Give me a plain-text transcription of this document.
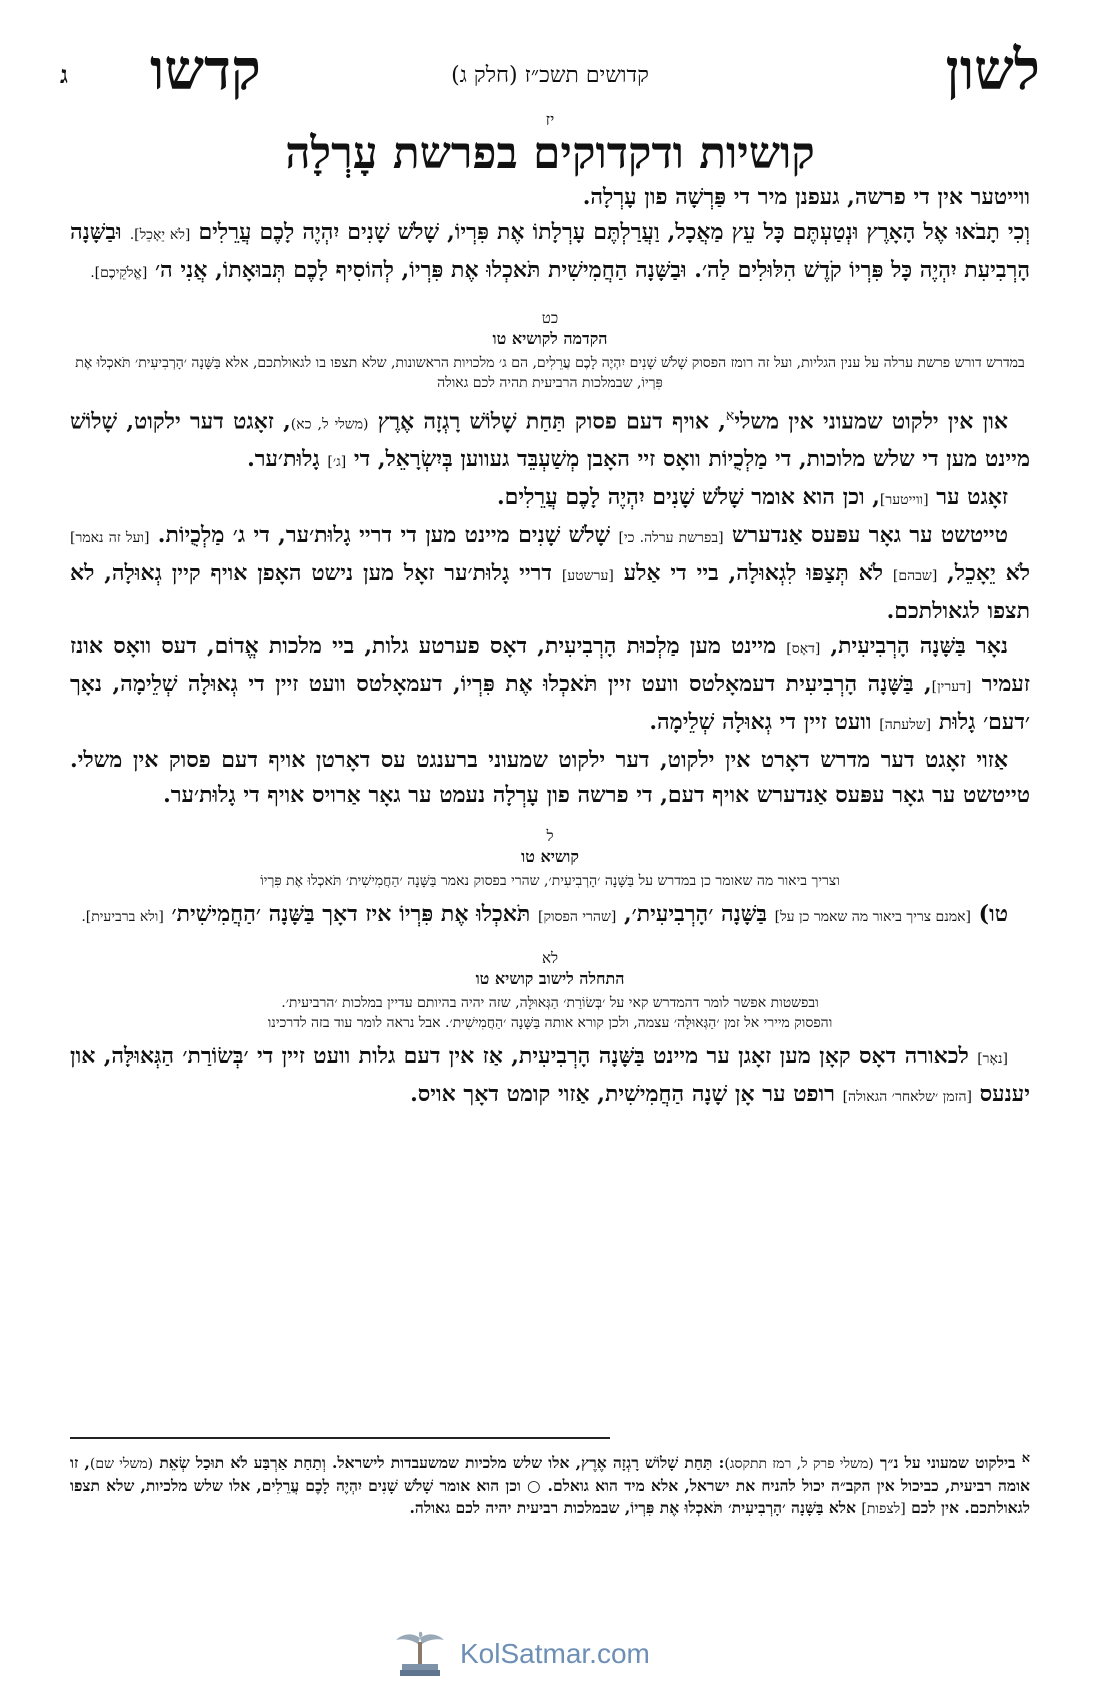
לשון
קדושים תשכ״ז (חלק ג)
קדשו
ג

יז

קושיות ודקדוקים בפרשת עָרְלָה

ווייטער אין די פרשה, געפנן מיר די פַּרְשָׁה פון עָרְלָה.

וְכִי תָבֹאוּ אֶל הָאָרֶץ וּנְטַעְתֶּם כָּל עֵץ מַאֲכָל, וַעֲרַלְתֶּם עָרְלָתוֹ אֶת פִּרְיוֹ, שָׁלֹשׁ שָׁנִים יִהְיֶה לָכֶם עֲרֵלִים [לֹא יֵאָכֵל]. וּבַשָּׁנָה הָרְבִיעִת יִהְיֶה כָּל פִּרְיוֹ קֹדֶשׁ הִלּוּלִים לַה׳. וּבַשָּׁנָה הַחֲמִישִׁית תֹּאכְלוּ אֶת פִּרְיוֹ, לְהוֹסִיף לָכֶם תְּבוּאָתוֹ, אֲנִי ה׳ [אֱלֹקֵיכֶם].

כט

הקדמה לקושיא טו

במדרש דורש פרשת ערלה על ענין הגליות, ועל זה רומז הפסוק שָׁלֹשׁ שָׁנִים יִהְיֶה לָכֶם עֲרֵלִים, הם ג׳ מלכויות הראשונות, שלא תצפו בו לגאולתכם, אלא בַּשָּׁנָה ׳הָרְבִיעִית׳ תֹּאכְלוּ אֶת פִּרְיוֹ, שבמלכות הרביעית תהיה לכם גאולה

און אין ילקוט שמעוני אין משלי$^א$, אויף דעם פסוק תַּחַת שָׁלוֹשׁ רָגְזָה אֶרֶץ (משלי ל, כא), זאָגט דער ילקוט, שָׁלוֹשׁ מיינט מען די שלש מלוכות, די מַלְכֻיוֹת וואָס זיי האָבן מְשַׁעְבֵּד געווען בְּיִשְׂרָאֵל, די [ג׳] גָלוּת׳ער.

זאָגט ער [ווייטער], וכן הוא אומר שָׁלֹשׁ שָׁנִים יִהְיֶה לָכֶם עֲרֵלִים.

טייטשט ער גאָר עפּעס אַנדערש [בפרשת ערלה. כי] שָׁלֹשׁ שָׁנִים מיינט מען די דריי גָלוּת׳ער, די ג׳ מַלְכֻיוֹת. [ועל זה נאמר] לֹא יֵאָכֵל, [שבהם] לֹא תְּצַפּוּ לִגְאוּלָה, ביי די אַלע [ערשטע] דריי גָלוּת׳ער זאָל מען נישט האָפן אויף קיין גְאוּלָה, לא תצפו לגאולתכם.

נאָר בַּשָּׁנָה הָרְבִיעִית, [דאָס] מיינט מען מַלְכוּת הָרְבִיעִית, דאָס פערטע גלות, ביי מלכות אֱדוֹם, דעס וואָס אונז זעמיר [דערין], בַּשָּׁנָה הָרְבִיעִית דעמאָלטס וועט זיין תֹּאכְלוּ אֶת פִּרְיוֹ, דעמאָלטס וועט זיין די גְאוּלָה שְׁלֵימָה, נאָך ׳דעם׳ גָלוּת [שלעתה] וועט זיין די גְאוּלָה שְׁלֵימָה.

אַזוי זאָגט דער מדרש דאָרט אין ילקוט, דער ילקוט שמעוני ברענגט עס דאָרטן אויף דעם פסוק אין משלי. טייטשט ער גאָר עפּעס אַנדערש אויף דעם, די פרשה פון עָרְלָה נעמט ער גאָר אַרויס אויף די גָלוּת׳ער.

ל

קושיא טו

וצריך ביאור מה שאומר כן במדרש על בַּשָּׁנָה ׳הָרְבִיעִית׳, שהרי בפסוק נאמר בַּשָּׁנָה ׳הַחֲמִישִׁית׳ תֹּאכְלוּ אֶת פִּרְיוֹ

טו) [אמנם צריך ביאור מה שאמר כן על] בַּשָּׁנָה ׳הָרְבִיעִית׳, [שהרי הפסוק] תֹּאכְלוּ אֶת פִּרְיוֹ איז דאָך בַּשָּׁנָה ׳הַחֲמִישִׁית׳ [ולא ברביעית].

לא

התחלה לישוב קושיא טו

ובפשטות אפשר לומר דהמדרש קאי על ׳בְּשׂוֹרַת׳ הַגְּאוּלָּה, שזה יהיה בהיותם עדיין במלכות ׳הרביעית׳.

והפסוק מיירי אל זמן ׳הַגְּאוּלָּה׳ עצמה, ולכן קורא אותה בַּשָּׁנָה ׳הַחֲמִישִׁית׳. אבל נראה לומר עוד בזה לדרכינו

[נאָר] לכאורה דאָס קאָן מען זאָגן ער מיינט בַּשָּׁנָה הָרְבִיעִית, אַז אין דעם גלות וועט זיין די ׳בְּשׂוֹרַת׳ הַגְּאוּלָּה, און יענעס [הזמן ׳שלאחר׳ הגאולה] רופט ער אָן שָׁנָה הַחֲמִישִׁית, אַזוי קומט דאָך אויס.

$^א$ בילקוט שמעוני על נ״ך (משלי פרק ל, רמז תתקסג): תַּחַת שָׁלוֹשׁ רָגְזָה אֶרֶץ, אלו שלש מלכיות שמשעבדות לישראל. וְתַחַת אַרְבַּע לֹא תוּכַל שְׂאֵת (משלי שם), זו אומה רביעית, כביכול אין הקב״ה יכול להניח את ישראל, אלא מיד הוא גואלם. ○ וכן הוא אומר שָׁלֹשׁ שָׁנִים יִהְיֶה לָכֶם עֲרֵלִים, אלו שלש מלכיות, שלא תצפו לגאולתכם. אין לכם [לצפות] אלא בַּשָּׁנָה ׳הָרְבִיעִית׳ תֹּאכְלוּ אֶת פִּרְיוֹ, שבמלכות רביעית יהיה לכם גאולה.

KolSatmar.com
